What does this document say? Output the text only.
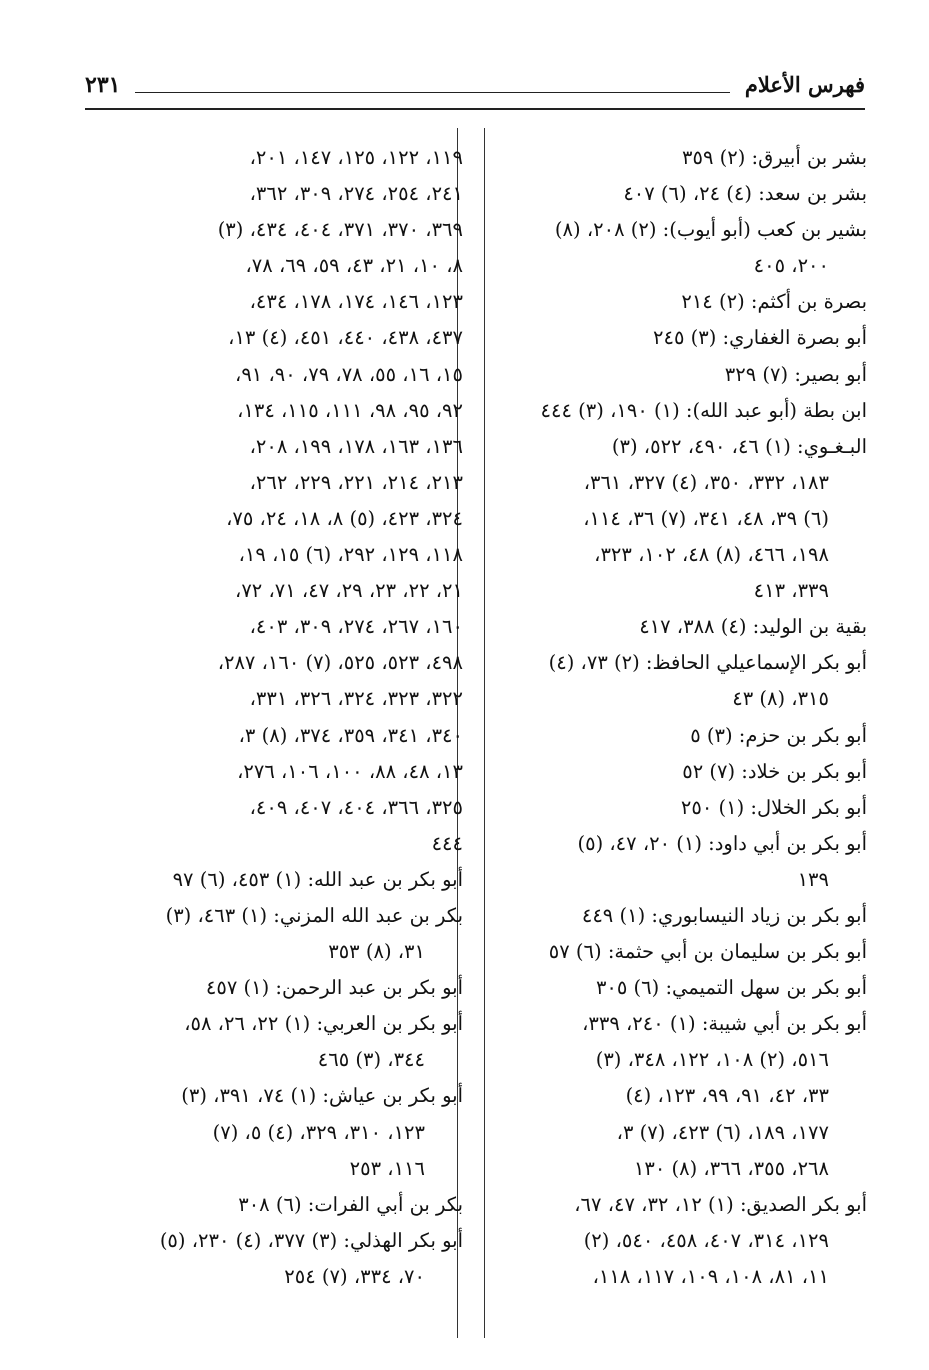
فهرس الأعلام
٢٣١
بشر بن أبيرق: (٢) ٣٥٩
بشر بن سعد: (٤) ٢٤، (٦) ٤٠٧
بشير بن كعب (أبو أيوب): (٢) ٢٠٨، (٨)
٢٠٠، ٤٠٥
بصرة بن أكثم: (٢) ٢١٤
أبو بصرة الغفاري: (٣) ٢٤٥
أبو بصير: (٧) ٣٢٩
ابن بطة (أبو عبد الله): (١) ١٩٠، (٣) ٤٤٤
البـغـوي: (١) ٤٦، ٤٩٠، ٥٢٢، (٣)
١٨٣، ٣٣٢، ٣٥٠، (٤) ٣٢٧، ٣٦١،
(٦) ٣٩، ٤٨، ٣٤١، (٧) ٣٦، ١١٤،
١٩٨، ٤٦٦، (٨) ٤٨، ١٠٢، ٣٢٣،
٣٣٩، ٤١٣
بقية بن الوليد: (٤) ٣٨٨، ٤١٧
أبو بكر الإسماعيلي الحافظ: (٢) ٧٣، (٤)
٣١٥، (٨) ٤٣
أبو بكر بن حزم: (٣) ٥
أبو بكر بن خلاد: (٧) ٥٢
أبو بكر الخلال: (١) ٢٥٠
أبو بكر بن أبي داود: (١) ٢٠، ٤٧، (٥)
١٣٩
أبو بكر بن زياد النيسابوري: (١) ٤٤٩
أبو بكر بن سليمان بن أبي حثمة: (٦) ٥٧
أبو بكر بن سهل التميمي: (٦) ٣٠٥
أبو بكر بن أبي شيبة: (١) ٢٤٠، ٣٣٩،
٥١٦، (٢) ١٠٨، ١٢٢، ٣٤٨، (٣)
٣٣، ٤٢، ٩١، ٩٩، ١٢٣، (٤)
١٧٧، ١٨٩، (٦) ٤٢٣، (٧) ٣،
٢٦٨، ٣٥٥، ٣٦٦، (٨) ١٣٠
أبو بكر الصديق: (١) ١٢، ٣٢، ٤٧، ٦٧،
١٢٩، ٣١٤، ٤٠٧، ٤٥٨، ٥٤٠، (٢)
١١، ٨١، ١٠٨، ١٠٩، ١١٧، ١١٨،
١١٩، ١٢٢، ١٢٥، ١٤٧، ٢٠١،
٢٤١، ٢٥٤، ٢٧٤، ٣٠٩، ٣٦٢،
٣٦٩، ٣٧٠، ٣٧١، ٤٠٤، ٤٣٤، (٣)
٨، ١٠، ٢١، ٤٣، ٥٩، ٦٩، ٧٨،
١٢٣، ١٤٦، ١٧٤، ١٧٨، ٤٣٤،
٤٣٧، ٤٣٨، ٤٤٠، ٤٥١، (٤) ١٣،
١٥، ١٦، ٥٥، ٧٨، ٧٩، ٩٠، ٩١،
٩٢، ٩٥، ٩٨، ١١١، ١١٥، ١٣٤،
١٣٦، ١٦٣، ١٧٨، ١٩٩، ٢٠٨،
٢١٣، ٢١٤، ٢٢١، ٢٢٩، ٢٦٢،
٣٢٤، ٤٢٣، (٥) ٨، ١٨، ٢٤، ٧٥،
١١٨، ١٢٩، ٢٩٢، (٦) ١٥، ١٩،
٢١، ٢٢، ٢٣، ٢٩، ٤٧، ٧١، ٧٢،
١٦٠، ٢٦٧، ٢٧٤، ٣٠٩، ٤٠٣،
٤٩٨، ٥٢٣، ٥٢٥، (٧) ١٦٠، ٢٨٧،
٣٢٢، ٣٢٣، ٣٢٤، ٣٢٦، ٣٣١،
٣٤٠، ٣٤١، ٣٥٩، ٣٧٤، (٨) ٣،
١٣، ٤٨، ٨٨، ١٠٠، ١٠٦، ٢٧٦،
٣٢٥، ٣٦٦، ٤٠٤، ٤٠٧، ٤٠٩،
٤٤٤
أبو بكر بن عبد الله: (١) ٤٥٣، (٦) ٩٧
بكر بن عبد الله المزني: (١) ٤٦٣، (٣)
٣١، (٨) ٣٥٣
أبو بكر بن عبد الرحمن: (١) ٤٥٧
أبو بكر بن العربي: (١) ٢٢، ٢٦، ٥٨،
٣٤٤، (٣) ٤٦٥
أبو بكر بن عياش: (١) ٧٤، ٣٩١، (٣)
١٢٣، ٣١٠، ٣٢٩، (٤) ٥، (٧)
١١٦، ٢٥٣
بكر بن أبي الفرات: (٦) ٣٠٨
أبو بكر الهذلي: (٣) ٣٧٧، (٤) ٢٣٠، (٥)
٧٠، ٣٣٤، (٧) ٢٥٤
